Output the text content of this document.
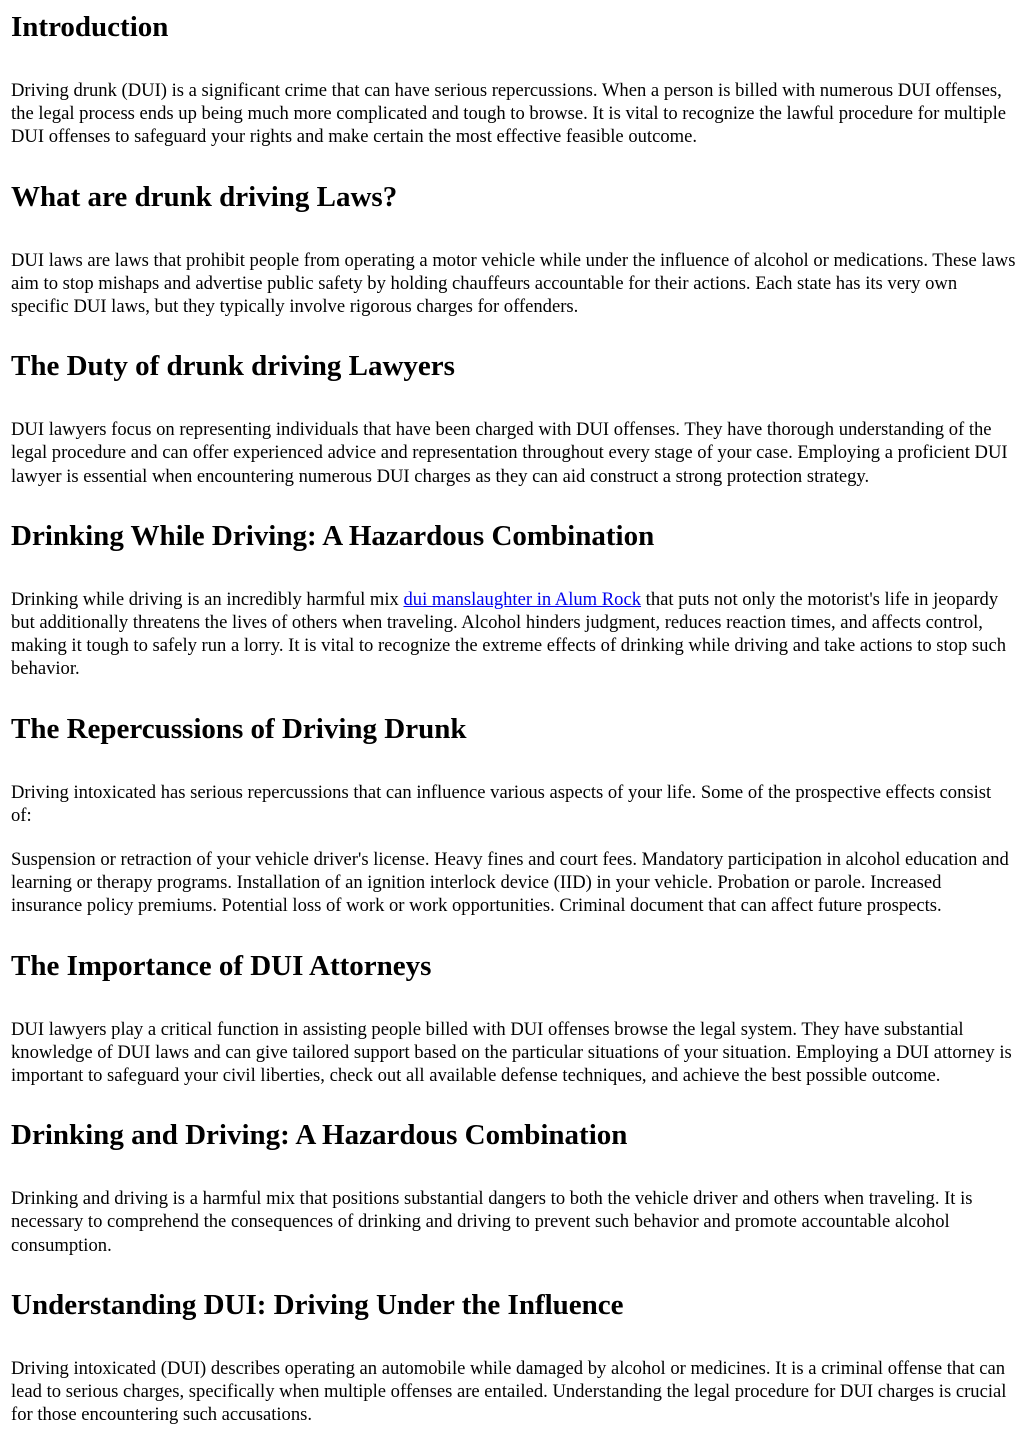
Introduction

Driving drunk (DUI) is a significant crime that can have serious repercussions. When a person is billed with numerous DUI offenses, the legal process ends up being much more complicated and tough to browse. It is vital to recognize the lawful procedure for multiple DUI offenses to safeguard your rights and make certain the most effective feasible outcome.

What are drunk driving Laws?

DUI laws are laws that prohibit people from operating a motor vehicle while under the influence of alcohol or medications. These laws aim to stop mishaps and advertise public safety by holding chauffeurs accountable for their actions. Each state has its very own specific DUI laws, but they typically involve rigorous charges for offenders.

The Duty of drunk driving Lawyers

DUI lawyers focus on representing individuals that have been charged with DUI offenses. They have thorough understanding of the legal procedure and can offer experienced advice and representation throughout every stage of your case. Employing a proficient DUI lawyer is essential when encountering numerous DUI charges as they can aid construct a strong protection strategy.

Drinking While Driving: A Hazardous Combination

Drinking while driving is an incredibly harmful mix dui manslaughter in Alum Rock that puts not only the motorist's life in jeopardy but additionally threatens the lives of others when traveling. Alcohol hinders judgment, reduces reaction times, and affects control, making it tough to safely run a lorry. It is vital to recognize the extreme effects of drinking while driving and take actions to stop such behavior.

The Repercussions of Driving Drunk

Driving intoxicated has serious repercussions that can influence various aspects of your life. Some of the prospective effects consist of:

Suspension or retraction of your vehicle driver's license. Heavy fines and court fees. Mandatory participation in alcohol education and learning or therapy programs. Installation of an ignition interlock device (IID) in your vehicle. Probation or parole. Increased insurance policy premiums. Potential loss of work or work opportunities. Criminal document that can affect future prospects.

The Importance of DUI Attorneys

DUI lawyers play a critical function in assisting people billed with DUI offenses browse the legal system. They have substantial knowledge of DUI laws and can give tailored support based on the particular situations of your situation. Employing a DUI attorney is important to safeguard your civil liberties, check out all available defense techniques, and achieve the best possible outcome.

Drinking and Driving: A Hazardous Combination

Drinking and driving is a harmful mix that positions substantial dangers to both the vehicle driver and others when traveling. It is necessary to comprehend the consequences of drinking and driving to prevent such behavior and promote accountable alcohol consumption.

Understanding DUI: Driving Under the Influence

Driving intoxicated (DUI) describes operating an automobile while damaged by alcohol or medicines. It is a criminal offense that can lead to serious charges, specifically when multiple offenses are entailed. Understanding the legal procedure for DUI charges is crucial for those encountering such accusations.
